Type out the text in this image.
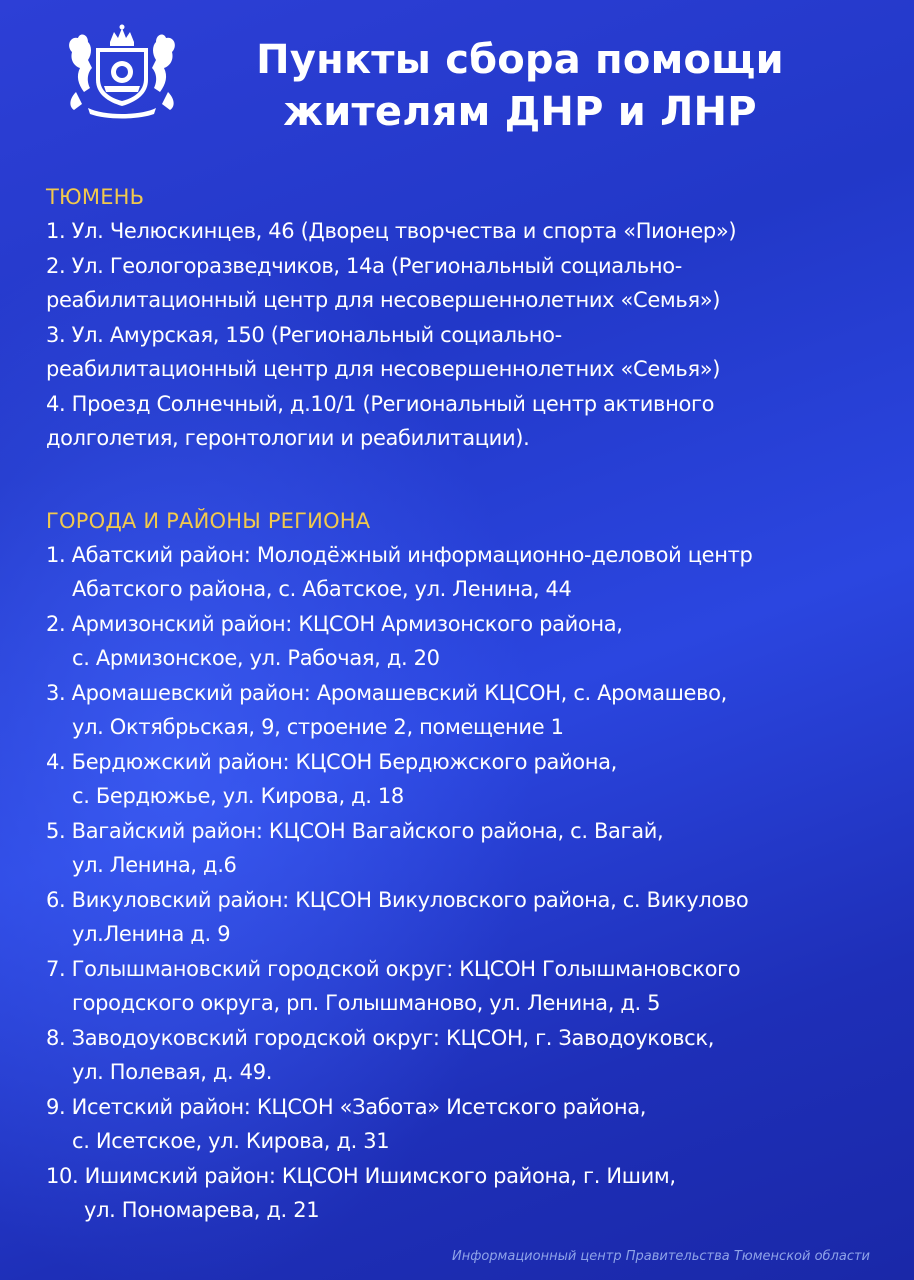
Пункты сбора помощи
жителям ДНР и ЛНР
ТЮМЕНЬ
1. Ул. Челюскинцев, 46 (Дворец творчества и спорта «Пионер»)
2. Ул. Геологоразведчиков, 14а (Региональный социально-
реабилитационный центр для несовершеннолетних «Семья»)
3. Ул. Амурская, 150 (Региональный социально-
реабилитационный центр для несовершеннолетних «Семья»)
4. Проезд Солнечный, д.10/1 (Региональный центр активного
долголетия, геронтологии и реабилитации).
ГОРОДА И РАЙОНЫ РЕГИОНА
1. Абатский район: Молодёжный информационно-деловой центр
Абатского района, с. Абатское, ул. Ленина, 44
2. Армизонский район: КЦСОН Армизонского района,
с. Армизонское, ул. Рабочая, д. 20
3. Аромашевский район: Аромашевский КЦСОН, с. Аромашево,
ул. Октябрьская, 9, строение 2, помещение 1
4. Бердюжский район: КЦСОН Бердюжского района,
с. Бердюжье, ул. Кирова, д. 18
5. Вагайский район: КЦСОН Вагайского района, с. Вагай,
ул. Ленина, д.6
6. Викуловский район: КЦСОН Викуловского района, с. Викулово
ул.Ленина д. 9
7. Голышмановский городской округ: КЦСОН Голышмановского
городского округа, рп. Голышманово, ул. Ленина, д. 5
8. Заводоуковский городской округ: КЦСОН, г. Заводоуковск,
ул. Полевая, д. 49.
9. Исетский район: КЦСОН «Забота» Исетского района,
с. Исетское, ул. Кирова, д. 31
10. Ишимский район: КЦСОН Ишимского района, г. Ишим,
ул. Пономарева, д. 21

Информационный центр Правительства Тюменской области
